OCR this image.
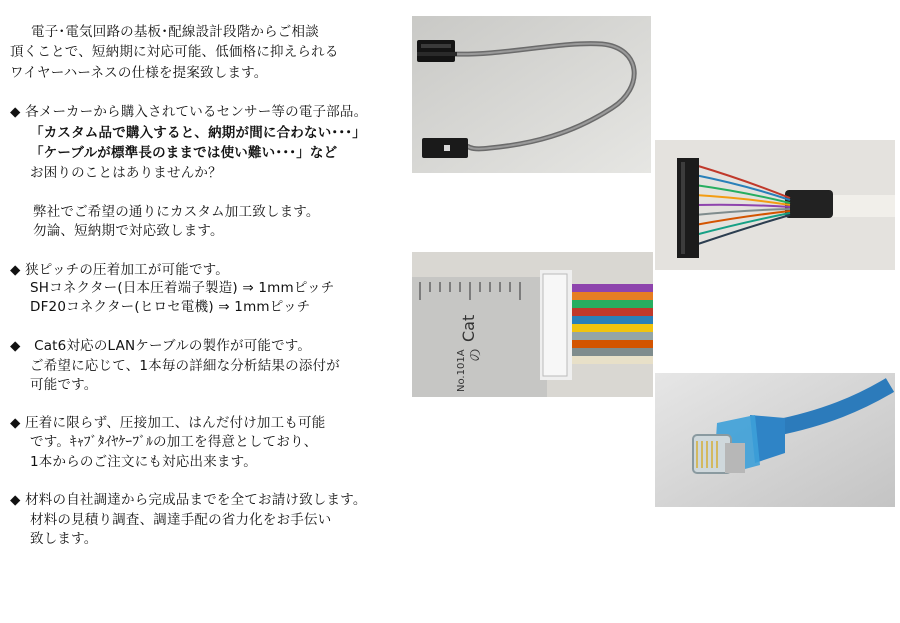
電子･電気回路の基板･配線設計段階からご相談
頂くことで、短納期に対応可能、低価格に抑えられる
ワイヤーハーネスの仕様を提案致します。
◆ 各メーカーから購入されているセンサー等の電子部品。
「カスタム品で購入すると、納期が間に合わない･･･」
「ケーブルが標準長のままでは使い難い･･･」など
お困りのことはありませんか？
弊社でご希望の通りにカスタム加工致します。
勿論、短納期で対応致します。
◆ 狭ピッチの圧着加工が可能です。
SHコネクター(日本圧着端子製造) ⇒ 1mmピッチ
DF20コネクター(ヒロセ電機) ⇒ 1mmピッチ
◆ Cat6対応のLANケーブルの製作が可能です。
ご希望に応じて、1本毎の詳細な分析結果の添付が
可能です。
◆ 圧着に限らず、圧接加工、はんだ付け加工も可能
です。ｷｬﾌﾞﾀｲﾔｹｰﾌﾞﾙの加工を得意としており、
1本からのご注文にも対応出来ます。
◆ 材料の自社調達から完成品までを全てお請け致します。
材料の見積り調査、調達手配の省力化をお手伝い
致します。
Cat
の
No.101A
